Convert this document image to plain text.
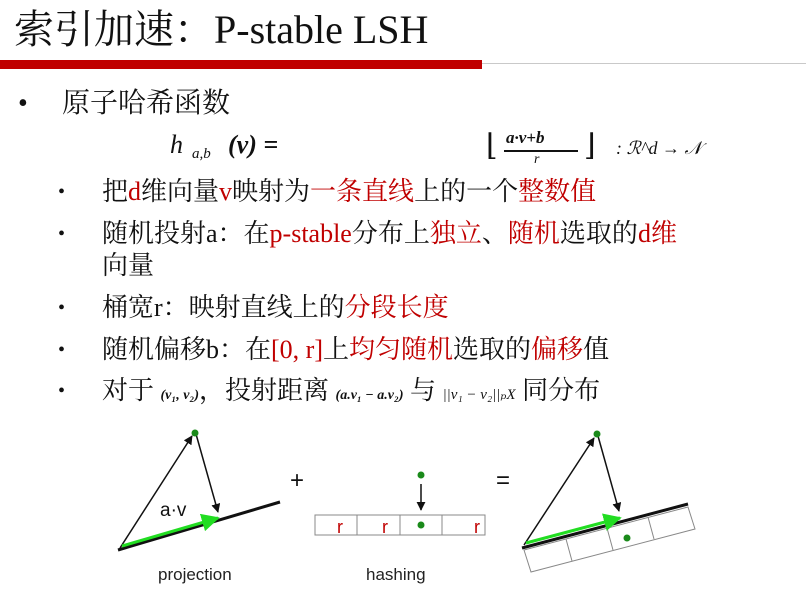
索引加速：P-stable LSH
• 原子哈希函数
h a,b (v) =	⌊ a·v+b
r ⌋ : ℛ^d → 𝒩
• 把d维向量v映射为一条直线上的一个整数值
• 随机投射a：在p-stable分布上独立、随机选取的d维
向量
• 桶宽r：映射直线上的分段长度
• 随机偏移b：在[0, r]上均匀随机选取的偏移值
• 对于 (v₁, v₂)，投射距离 (a.v₁ − a.v₂) 与 ||v₁ − v₂||ₚX 同分布
a·v
projection
+
r r	r
hashing
=
